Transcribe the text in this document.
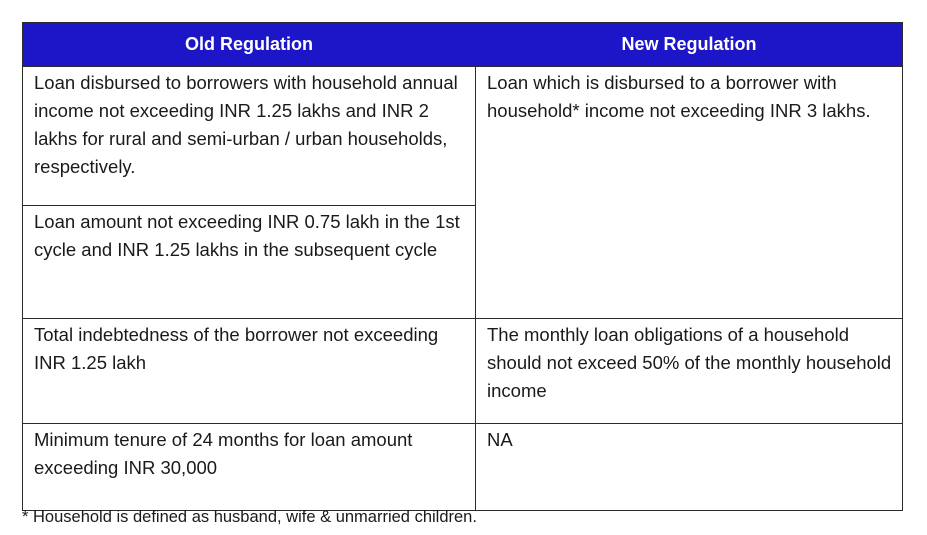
Old Regulation	New Regulation
Loan disbursed to borrowers with household annual income not exceeding INR 1.25 lakhs and INR 2 lakhs for rural and semi-urban / urban households, respectively.	Loan which is disbursed to a borrower with household* income not exceeding INR 3 lakhs.
Loan amount not exceeding INR 0.75 lakh in the 1st cycle and INR 1.25 lakhs in the subsequent cycle	
Total indebtedness of the borrower not exceeding INR 1.25 lakh	The monthly loan obligations of a household should not exceed 50% of the monthly household income
Minimum tenure of 24 months for loan amount exceeding INR 30,000	NA
* Household is defined as husband, wife & unmarried children.
